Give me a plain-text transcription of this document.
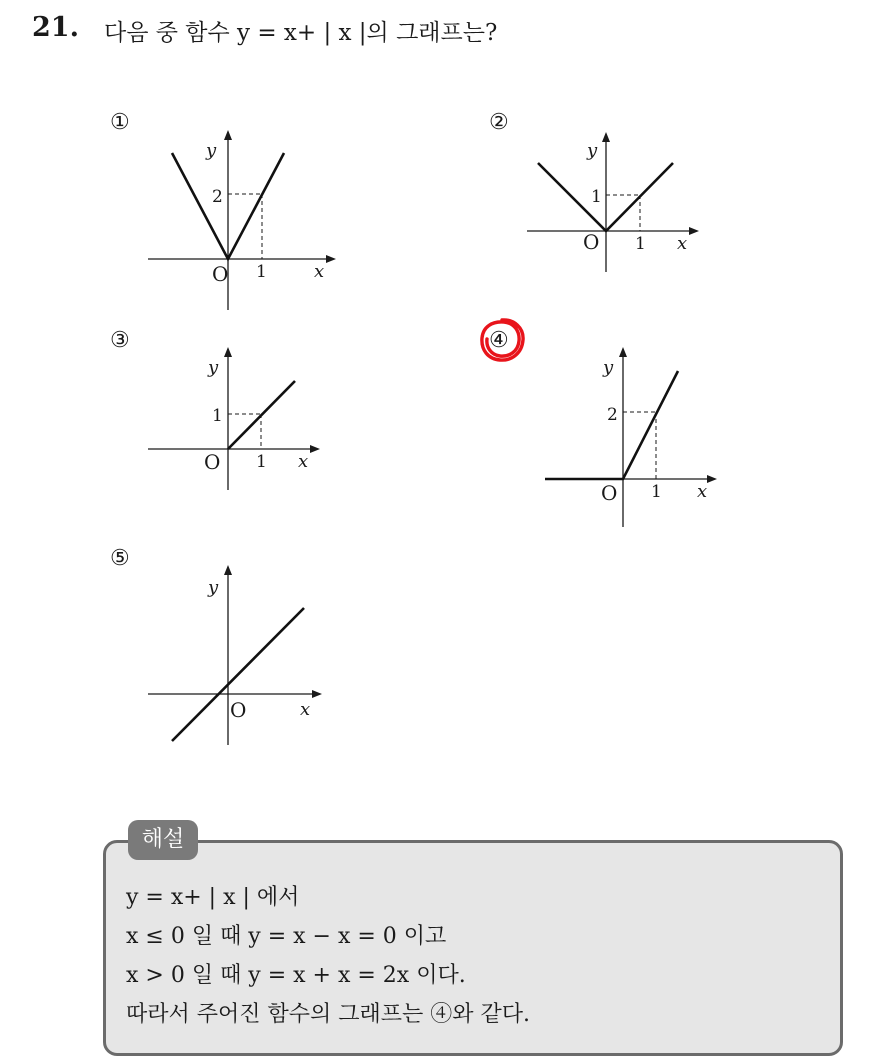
21. 다음 중 함수 y = x+ | x |의 그래프는?
①
y
O 1	x
2
②
y
O 1 x
1
③
y
O 1 x
1
④
y
O 1 x
2
⑤
y
O	x
해설
y = x+ | x | 에서
x ≤ 0 일 때 y = x − x = 0 이고
x > 0 일 때 y = x + x = 2x 이다.
따라서 주어진 함수의 그래프는 ④와 같다.
